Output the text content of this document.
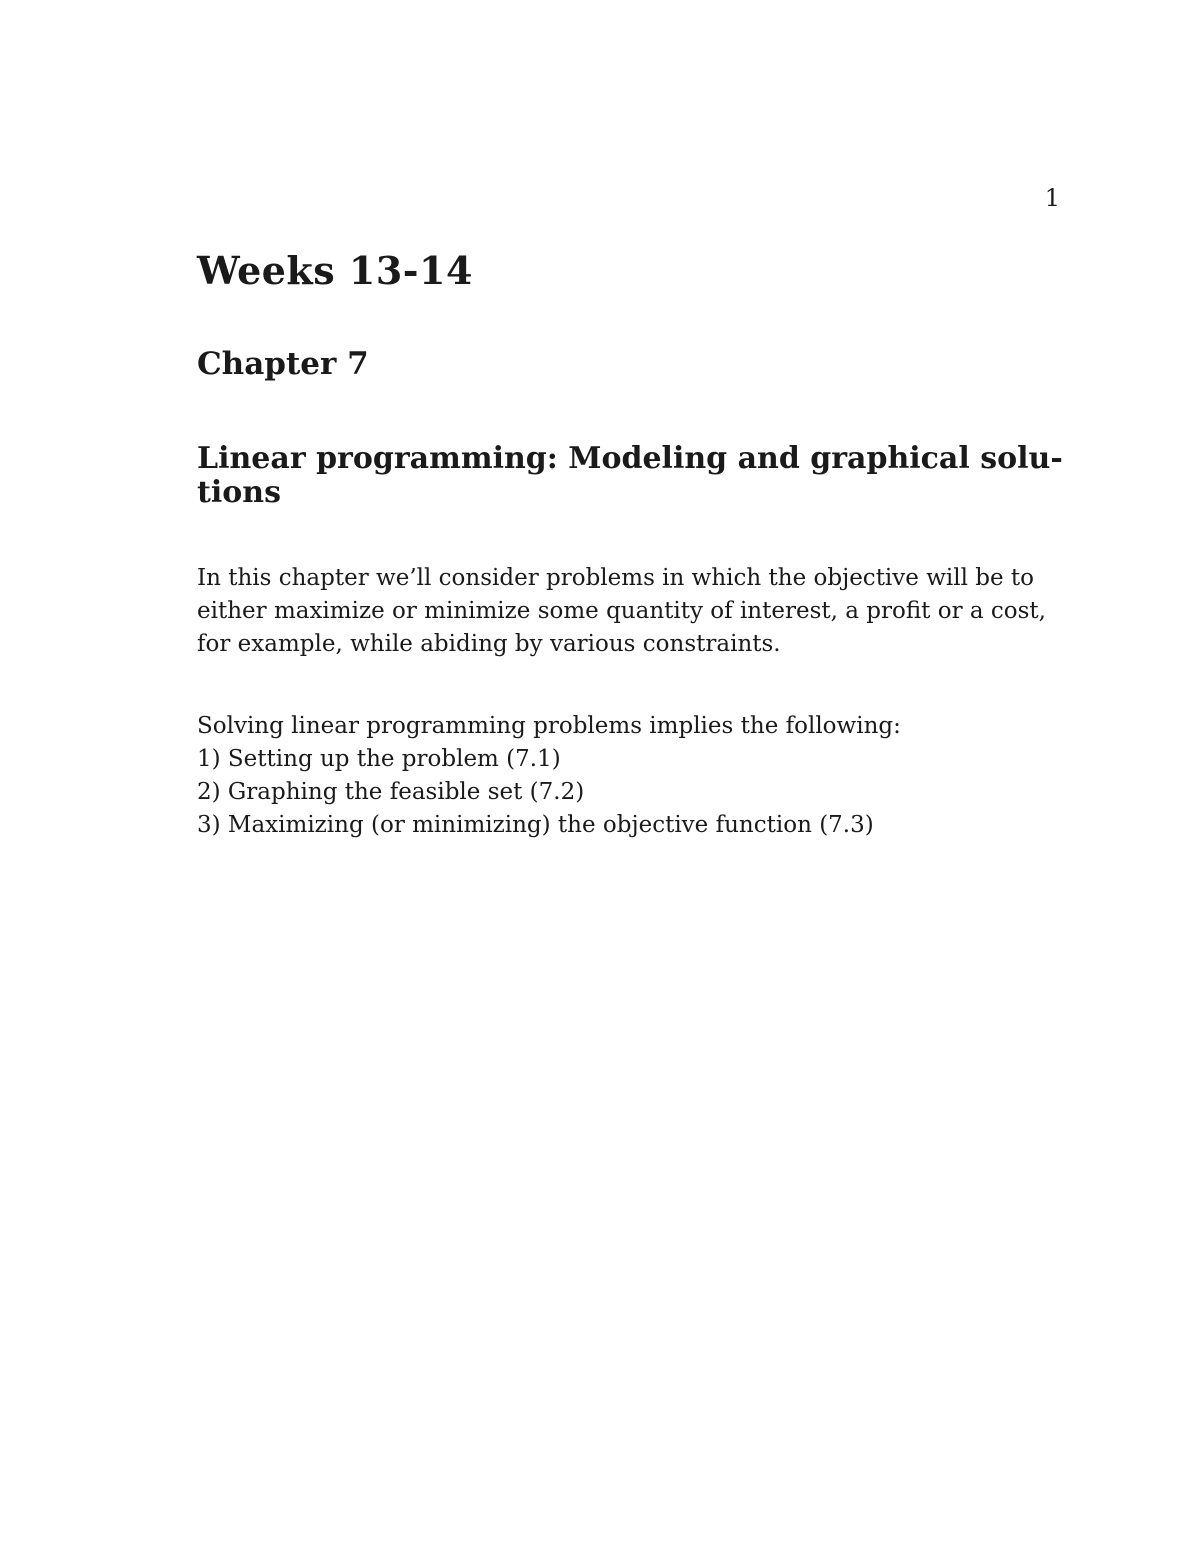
1
Weeks 13-14
Chapter 7
Linear programming: Modeling and graphical solu-
tions

In this chapter we’ll consider problems in which the objective will be to
either maximize or minimize some quantity of interest, a profit or a cost,
for example, while abiding by various constraints.

Solving linear programming problems implies the following:
1) Setting up the problem (7.1)
2) Graphing the feasible set (7.2)
3) Maximizing (or minimizing) the objective function (7.3)
